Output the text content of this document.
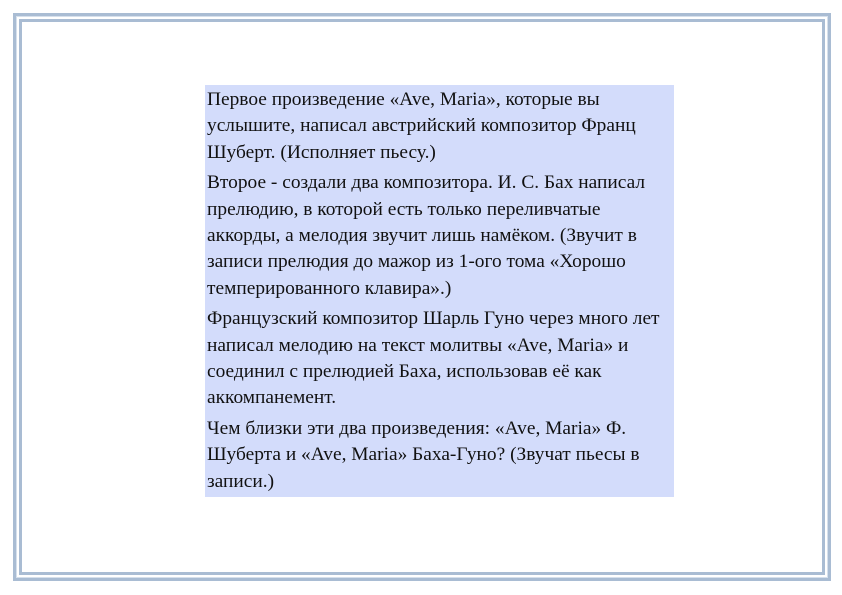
Первое произведение «Ave, Maria», которые вы услышите, написал австрийский композитор Франц Шуберт. (Исполняет пьесу.)

Второе - создали два композитора. И. С. Бах написал прелюдию, в которой есть только переливчатые аккорды, а мелодия звучит лишь намёком. (Звучит в записи прелюдия до мажор из 1-ого тома «Хорошо темперированного клавира».)

Французский композитор Шарль Гуно через много лет написал мелодию на текст молитвы «Ave, Maria» и соединил с прелюдией Баха, использовав её как аккомпанемент.

Чем близки эти два произведения: «Ave, Maria» Ф. Шуберта и «Ave, Maria» Баха-Гуно? (Звучат пьесы в записи.)
